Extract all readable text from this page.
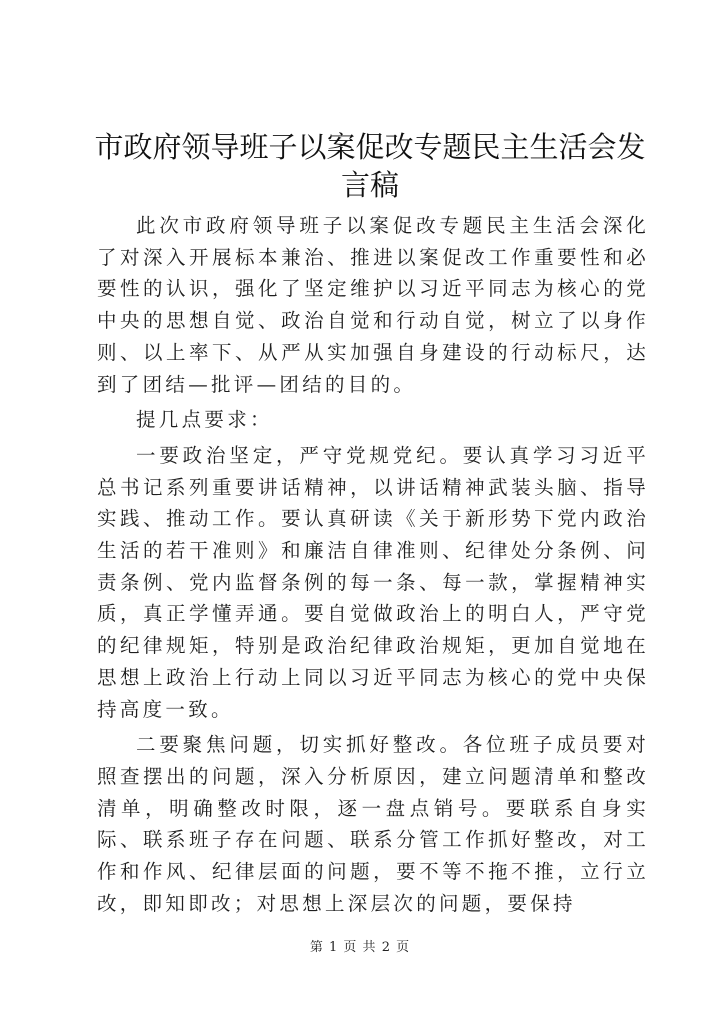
市政府领导班子以案促改专题民主生活会发言稿

此次市政府领导班子以案促改专题民主生活会深化了对深入开展标本兼治、推进以案促改工作重要性和必要性的认识，强化了坚定维护以习近平同志为核心的党中央的思想自觉、政治自觉和行动自觉，树立了以身作则、以上率下、从严从实加强自身建设的行动标尺，达到了团结—批评—团结的目的。

提几点要求：

一要政治坚定，严守党规党纪。要认真学习习近平总书记系列重要讲话精神，以讲话精神武装头脑、指导实践、推动工作。要认真研读《关于新形势下党内政治生活的若干准则》和廉洁自律准则、纪律处分条例、问责条例、党内监督条例的每一条、每一款，掌握精神实质，真正学懂弄通。要自觉做政治上的明白人，严守党的纪律规矩，特别是政治纪律政治规矩，更加自觉地在思想上政治上行动上同以习近平同志为核心的党中央保持高度一致。

二要聚焦问题，切实抓好整改。各位班子成员要对照查摆出的问题，深入分析原因，建立问题清单和整改清单，明确整改时限，逐一盘点销号。要联系自身实际、联系班子存在问题、联系分管工作抓好整改，对工作和作风、纪律层面的问题，要不等不拖不推，立行立改，即知即改；对思想上深层次的问题，要保持

第 1 页 共 2 页
